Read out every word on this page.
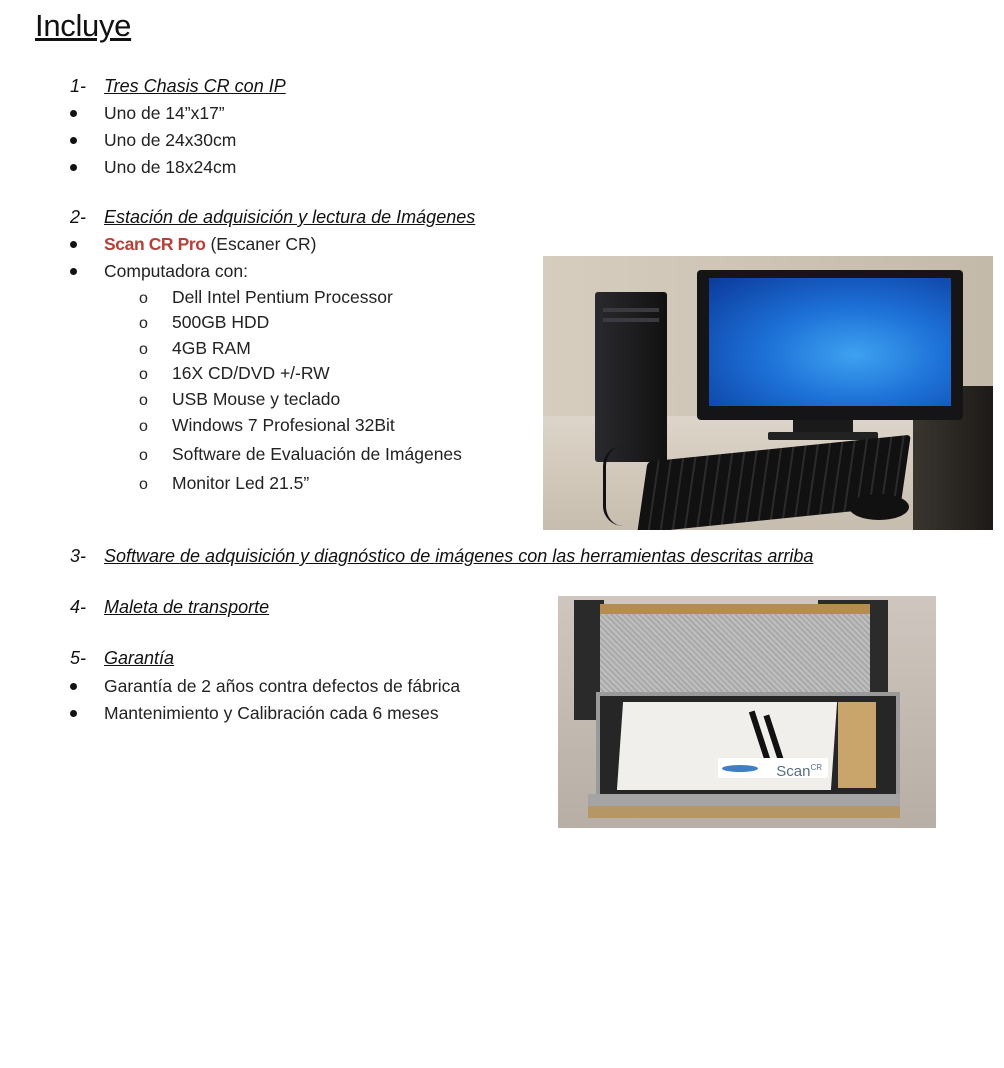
Incluye
1- Tres Chasis CR con IP
Uno de 14”x17”
Uno de 24x30cm
Uno de 18x24cm
2- Estación de adquisición y lectura de Imágenes
Scan CR Pro (Escaner CR)
Computadora con:
o Dell Intel Pentium Processor
o 500GB HDD
o 4GB RAM
o 16X CD/DVD +/-RW
o USB Mouse y teclado
o Windows 7 Profesional 32Bit
o Software de Evaluación de Imágenes
o Monitor Led 21.5”
3- Software de adquisición y diagnóstico de imágenes con las herramientas descritas arriba
4- Maleta de transporte
5- Garantía
Garantía de 2 años contra defectos de fábrica
Mantenimiento y Calibración cada 6 meses
Scan$^{CR}$
